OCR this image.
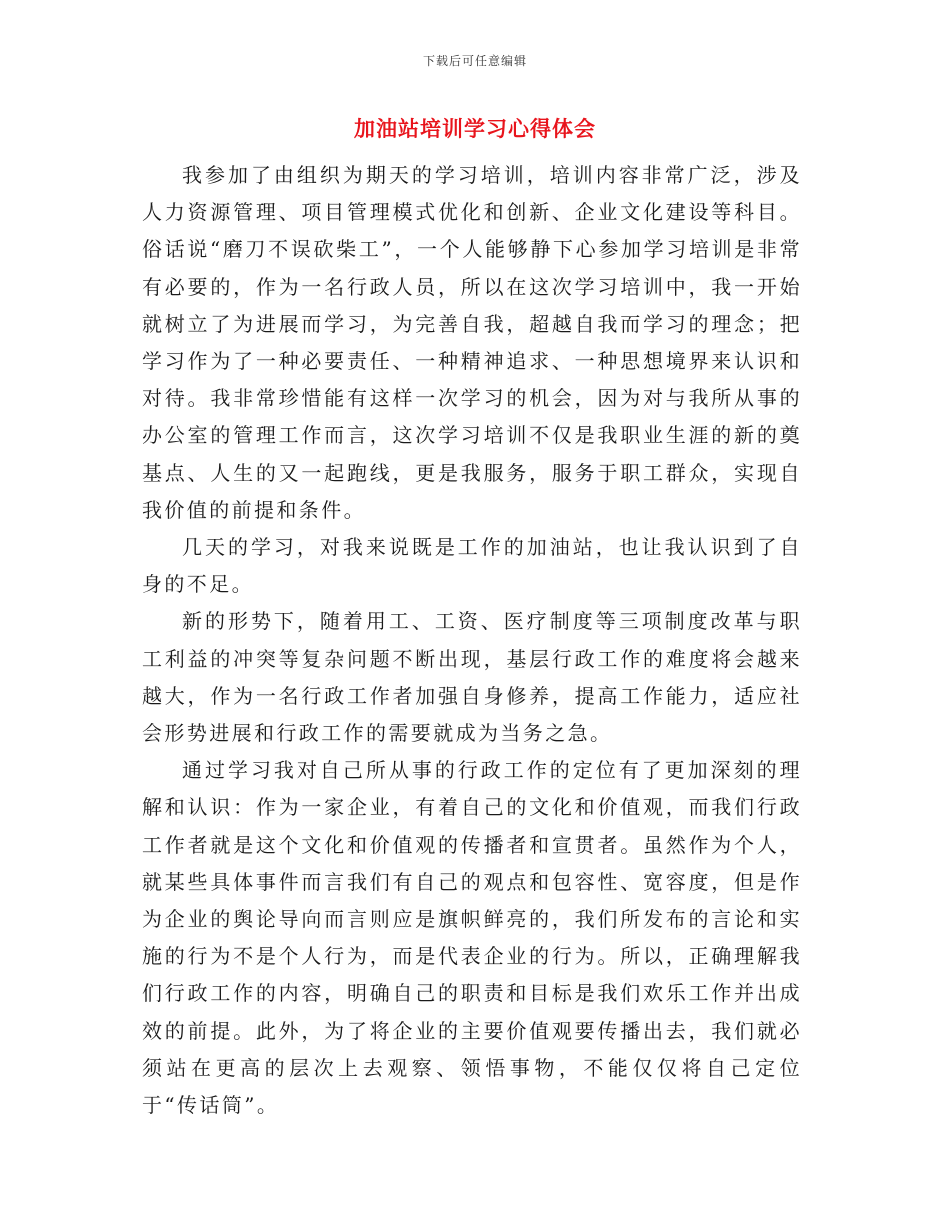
下载后可任意编辑
加油站培训学习心得体会

我参加了由组织为期天的学习培训，培训内容非常广泛，涉及人力资源管理、项目管理模式优化和创新、企业文化建设等科目。俗话说“磨刀不误砍柴工”，一个人能够静下心参加学习培训是非常有必要的，作为一名行政人员，所以在这次学习培训中，我一开始就树立了为进展而学习，为完善自我，超越自我而学习的理念；把学习作为了一种必要责任、一种精神追求、一种思想境界来认识和对待。我非常珍惜能有这样一次学习的机会，因为对与我所从事的办公室的管理工作而言，这次学习培训不仅是我职业生涯的新的奠基点、人生的又一起跑线，更是我服务，服务于职工群众，实现自我价值的前提和条件。

几天的学习，对我来说既是工作的加油站，也让我认识到了自身的不足。

新的形势下，随着用工、工资、医疗制度等三项制度改革与职工利益的冲突等复杂问题不断出现，基层行政工作的难度将会越来越大，作为一名行政工作者加强自身修养，提高工作能力，适应社会形势进展和行政工作的需要就成为当务之急。

通过学习我对自己所从事的行政工作的定位有了更加深刻的理解和认识：作为一家企业，有着自己的文化和价值观，而我们行政工作者就是这个文化和价值观的传播者和宣贯者。虽然作为个人，就某些具体事件而言我们有自己的观点和包容性、宽容度，但是作为企业的舆论导向而言则应是旗帜鲜亮的，我们所发布的言论和实施的行为不是个人行为，而是代表企业的行为。所以，正确理解我们行政工作的内容，明确自己的职责和目标是我们欢乐工作并出成效的前提。此外，为了将企业的主要价值观要传播出去，我们就必须站在更高的层次上去观察、领悟事物，不能仅仅将自己定位于“传话筒”。
